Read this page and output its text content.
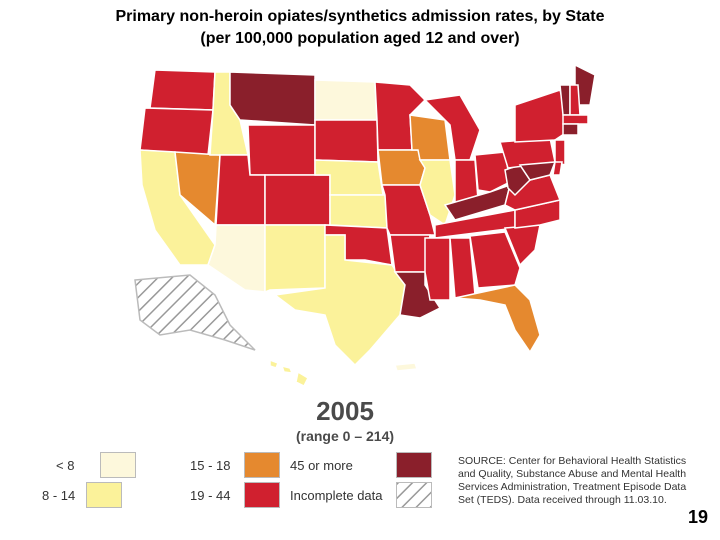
Primary non-heroin opiates/synthetics admission rates, by State
(per 100,000 population aged 12 and over)
2005
(range 0 – 214)
< 8
8 - 14
15 - 18
19 - 44
45 or more
Incomplete data
SOURCE: Center for Behavioral Health Statistics and Quality, Substance Abuse and Mental Health Services Administration, Treatment Episode Data Set (TEDS). Data received through 11.03.10.
19
